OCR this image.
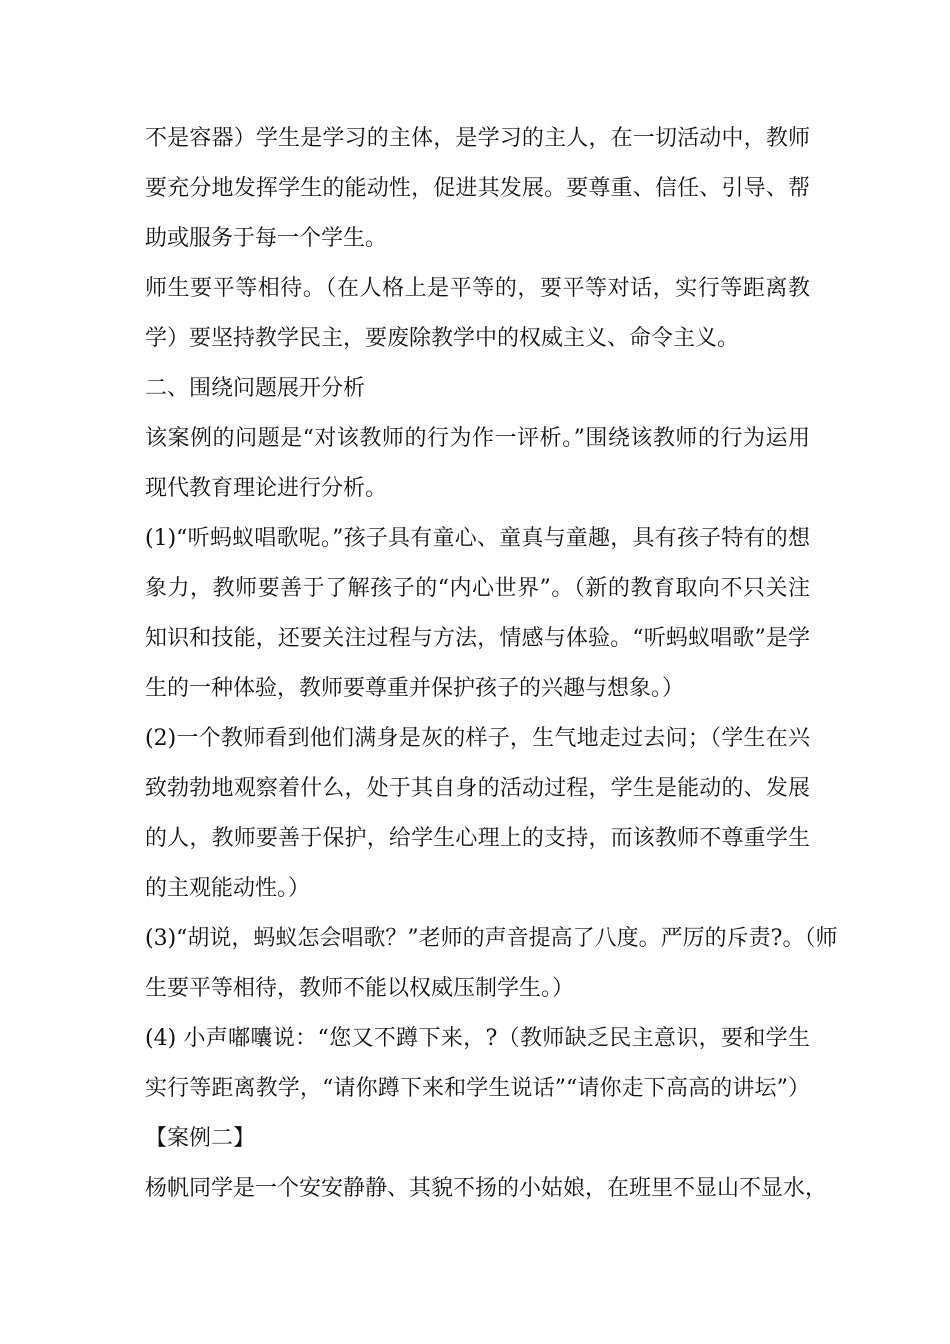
不是容器）学生是学习的主体，是学习的主人，在一切活动中，教师
要充分地发挥学生的能动性，促进其发展。要尊重、信任、引导、帮
助或服务于每一个学生。
师生要平等相待。（在人格上是平等的，要平等对话，实行等距离教
学）要坚持教学民主，要废除教学中的权威主义、命令主义。
二、围绕问题展开分析
该案例的问题是“对该教师的行为作一评析。”围绕该教师的行为运用
现代教育理论进行分析。
(1)“听蚂蚁唱歌呢。”孩子具有童心、童真与童趣，具有孩子特有的想
象力，教师要善于了解孩子的“内心世界”。（新的教育取向不只关注
知识和技能，还要关注过程与方法，情感与体验。“听蚂蚁唱歌”是学
生的一种体验，教师要尊重并保护孩子的兴趣与想象。）
(2)一个教师看到他们满身是灰的样子，生气地走过去问；（学生在兴
致勃勃地观察着什么，处于其自身的活动过程，学生是能动的、发展
的人，教师要善于保护，给学生心理上的支持，而该教师不尊重学生
的主观能动性。）
(3)“胡说，蚂蚁怎会唱歌？”老师的声音提高了八度。严厉的斥责?。（师
生要平等相待，教师不能以权威压制学生。）
(4) 小声嘟囔说：“您又不蹲下来，?（教师缺乏民主意识，要和学生
实行等距离教学，“请你蹲下来和学生说话”“请你走下高高的讲坛”）
【案例二】
杨帆同学是一个安安静静、其貌不扬的小姑娘，在班里不显山不显水，
